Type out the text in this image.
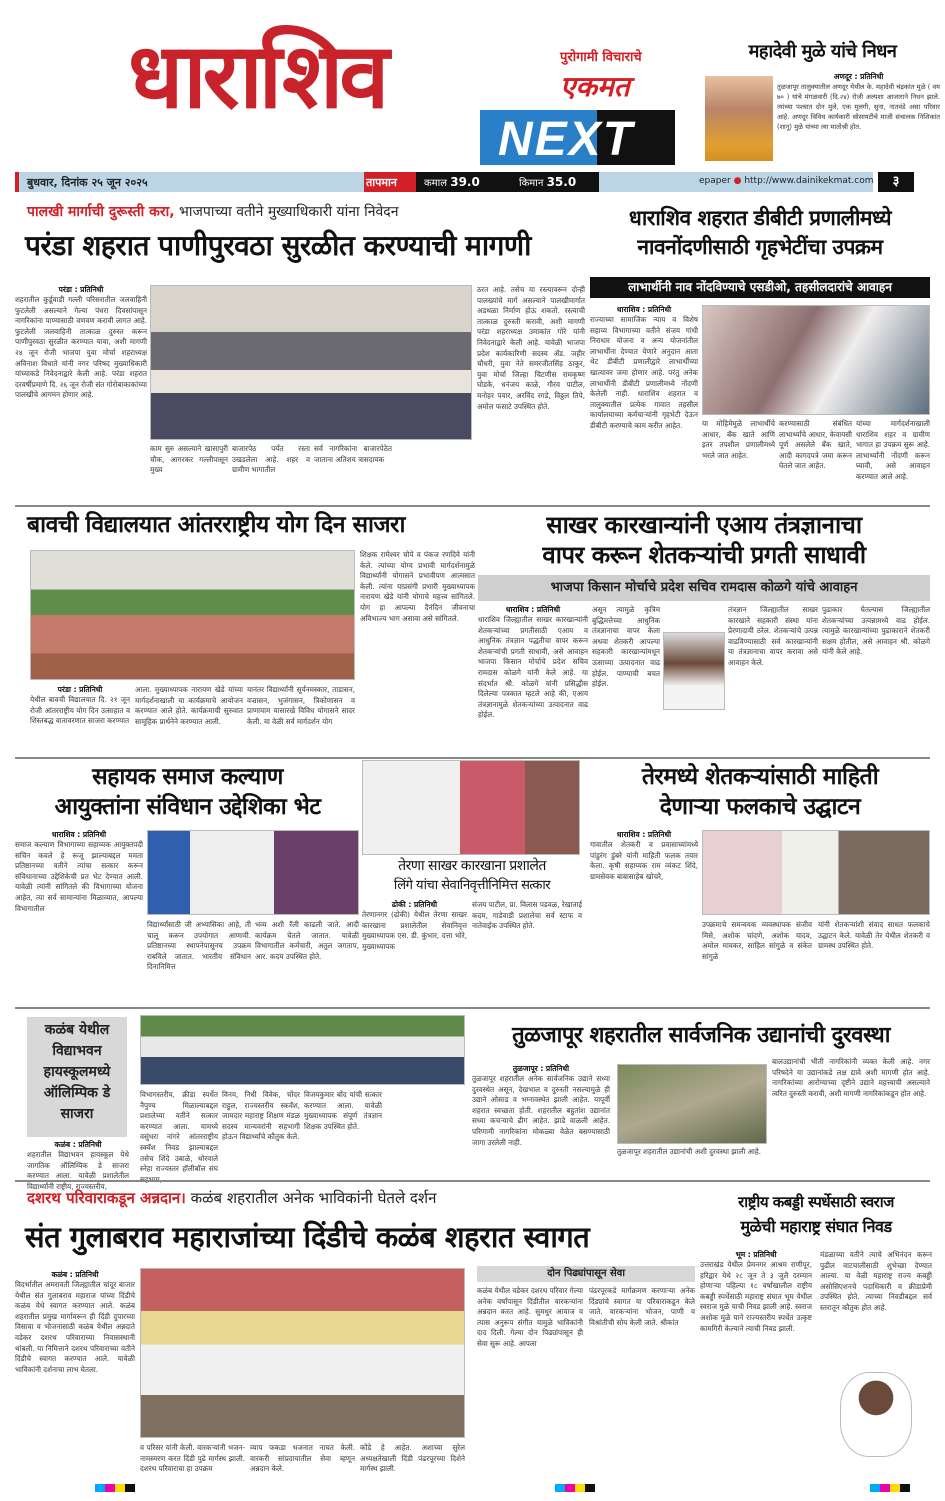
धाराशिव	पुरोगामी विचाराचे
एकमत
NEXT
महादेवी मुळे यांचे निधन
अणदूर : प्रतिनिधी
तुळजापूर तालुक्यातील अणदूर येथील के. महादेवी चंद्रकांत मुळे ( वय ७० ) यांचे मंगळवारी (दि.२४) रोजी अल्पशा आजाराने निधन झाले. त्यांच्या पश्चात दोन मुले, एक मुलगी, सुना, नातवंडे असा परिवार आहे. अणदूर विविध कार्यकारी सोसायटीचे माजी संचालक निशिकांत (शानू) मुळे यांच्या त्या मातोश्री होत.
बुधवार, दिनांक २५ जून २०२५	तापमान	कमाल 39.0	किमान 35.0	epaper ● http://www.dainikekmat.com	३
पालखी मार्गाची दुरूस्ती करा, भाजपाच्या वतीने मुख्याधिकारी यांना निवेदन
परंडा शहरात पाणीपुरवठा सुरळीत करण्याची मागणी
परंडा : प्रतिनिधी
शहरातील कुर्डूवाडी गल्ली परिसरातील जलवाहिनी फुटलेली असल्याने गेल्या पंधरा दिवसांपासून नागरिकांना पाण्यासाठी वणवण करावी लागत आहे. फुटलेली जलवाहिनी तात्काळ दुरुस्त करून पाणीपुरवठा सुरळीत करण्यात यावा, अशी मागणी २४ जून रोजी भाजपा युवा मोर्चा शहराध्यक्ष अविनाश विधाते यांनी नगर परिषद मुख्याधिकारी यांच्याकडे निवेदनाद्वारे केली आहे. परंडा शहरात दरवर्षीप्रमाणे दि. २६ जून रोजी संत गोरोबाकाकांच्या पालखीचे आगमन होणार आहे.
काम सुरु असल्याने खासापुरी चौक, आगरकर गल्लीपासून मुख्य
बाजारपेठ पर्यंत रस्ता उखडलेला आहे. शहर व ग्रामीण भागातील
सर्व नागरिकांना बाजारपेठेत जाताना अतिशय त्रासदायक
ठरत आहे. तसेच या रस्त्यावरून दोन्ही पालख्यांचे मार्ग असल्याने पालखीमार्गात अडथळा निर्माण होऊ शकतो. रस्त्याची तात्काळ दुरुस्ती करावी, अशी मागणी परंडा शहराध्यक्ष उमाकांत गोरे यांनी निवेदनाद्वारे केली आहे. यावेळी भाजपा प्रदेश कार्यकारिणी सदस्य ॲड. जहीर चौधरी, युवा नेते समरजीतसिंह ठाकूर, युवा मोर्चा जिल्हा चिटणीस रामकृष्ण घोडके, धनंजय काळे, गौरव पाटील, मनोहर पवार, अरविंद रगडे, विठ्ठल तिपे, अमोल फसाटे उपस्थित होते.
धाराशिव शहरात डीबीटी प्रणालीमध्ये
नावनोंदणीसाठी गृहभेटींचा उपक्रम
लाभार्थीनी नाव नोंदविण्याचे एसडीओ, तहसीलदारांचे आवाहन
धाराशिव : प्रतिनिधी
राज्याच्या सामाजिक न्याय व विशेष सहाय्य विभागाच्या वतीने संजय गांधी निराधार योजना व अन्य योजनांतील लाभार्थीना देण्यात येणारे अनुदान आता थेट डीबीटी प्रणालीद्वारे लाभार्थीच्या खात्यावर जमा होणार आहे. परंतु अनेक लाभार्थीनी डीबीटी प्रणालीमध्ये नोंदणी केलेली नाही. धाराशिव शहरात व तालुक्यातील प्रत्येक गावात तहसील कार्यालयाच्या कर्मचाऱ्यांनी गृहभेटी देऊन डीबीटी करण्याचे काम करीत आहेत.	या मोहिमेमुळे लाभार्थीचे आधार, बँक खाते आणि इतर तपशील प्रणालीमध्ये भरले जात आहेत.
करण्यासाठी संबंधित लाभार्थ्यांचे आधार, केवायसी पूर्ण असलेले बँक खाते, आदी कागदपत्रे जमा करून घेतले जात आहेत.
यांच्या मार्गदर्शनाखाली धाराशिव शहर व ग्रामीण भागात हा उपक्रम सुरू आहे. लाभार्थ्यांनी नोंदणी करून घ्यावी, असे आवाहन करण्यात आले आहे.
बावची विद्यालयात आंतरराष्ट्रीय योग दिन साजरा
शिक्षक रामेश्वर चोपे व पंकज रणदिवे यांनी केले. त्यांच्या योग्य प्रभावी मार्गदर्शनामुळे विद्यार्थ्यांनी योगासने प्रभावीपण आत्मसात केली. त्यांना याप्रसंगी प्रभारी मुख्याध्यापक नारायण खेडे यांनी योगाचे महत्त्व सांगितले. योग हा आपल्या दैनंदिन जीवनाचा अविभाज्य भाग असावा असे सांगितले.
परंडा : प्रतिनिधी
येथील बावची विद्यालयात दि. २१ जून रोजी आंतरराष्ट्रीय योग दिन उत्साहात व शिस्तबद्ध वातावरणात साजरा करण्यात
आला. मुख्याध्यापक नारायण खेडे यांच्या मार्गदर्शनाखाली या कार्यक्रमाचे आयोजन करण्यात आले होते. कार्यक्रमाची सुरुवात सामूहिक प्रार्थनेने करण्यात आली.
यानंतर विद्यार्थ्यांनी सूर्यनमस्कार, ताडासन, वज्रासन, भुजंगासन, त्रिकोणासन व प्राणायाम यासारखे विविध योगासने सादर केली. या वेळी सर्व मार्गदर्शन योग
साखर कारखान्यांनी एआय तंत्रज्ञानाचा
वापर करून शेतकऱ्यांची प्रगती साधावी
भाजपा किसान मोर्चाचे प्रदेश सचिव रामदास कोळगे यांचे आवाहन
धाराशिव : प्रतिनिधी
धाराशिव जिल्ह्यातील साखर कारखान्यांनी शेतकऱ्यांच्या प्रगतीसाठी एआय व आधुनिक तंत्रज्ञान पद्धतीचा वापर करून शेतकऱ्यांची प्रगती साधावी, असे आवाहन भाजपा किसान मोर्चाचे प्रदेश सचिव रामदास कोळगे यांनी केले आहे. या संदर्भात श्री. कोळगे यांनी प्रसिद्धीस दिलेल्या पत्रकात म्हटले आहे की, एआय तंत्रज्ञानामुळे शेतकऱ्यांच्या उत्पादनात वाढ होईल.
असून त्यामुळे कृत्रिम बुद्धिमत्तेच्या आधुनिक तंत्रज्ञानाचा वापर केला अथवा शेतकरी आपल्या सहकारी कारखान्यांमधून ऊसाच्या उत्पादनात वाढ होईल. पाण्याची बचत होईल.
तंत्रज्ञान जिल्ह्यातील साखर कारखाने सहकारी संस्था यांना प्रेरणादायी ठरेल. शेतकऱ्यांचे उत्पन्न वाढविण्यासाठी सर्व कारखान्यांनी या तंत्रज्ञानाचा वापर करावा असे आवाहन केले.
पुढाकार घेतल्यास जिल्ह्यातील शेतकऱ्यांच्या उत्पन्नामध्ये वाढ होईल. त्यामुळे कारखान्यांच्या पुढाकाराने शेतकरी सक्षम होतील, असे आवाहन श्री. कोळगे यांनी केले आहे.
सहायक समाज कल्याण
आयुक्तांना संविधान उद्देशिका भेट
धाराशिव : प्रतिनिधी
समाज कल्याण विभागाच्या सहाय्यक आयुक्तपदी सचिन कवले हे रूजू झाल्याबद्दल ममता प्रतिष्ठानच्या वतीने त्यांचा सत्कार करून संविधानाच्या उद्देशिकेची प्रत भेट देण्यात आली. यावेळी त्यांनी सांगितले की विभागाच्या योजना आहेत, त्या सर्व सामान्यांना मिळाव्यात, आपल्या विभागातील
विद्यार्थ्यांसाठी जी अभ्यासिका आहे, ती चालू करून उपयोगात आणावी. प्रतिष्ठानच्या स्थापनेपासूनच उपक्रम राबविले जातात. भारतीय संविधान दिनानिमित्त
भव्य अशी रॅली काढली जाते. आदी कार्यक्रम घेतले जातात. यावेळी विभागातील कर्मचारी, अतुल जगताप, आर. कदम उपस्थित होते.
तेरणा साखर कारखाना प्रशालेत
लिंगे यांचा सेवानिवृत्तीनिमित्त सत्कार
ढोकी : प्रतिनिधी
तेरणानगर (ढोकी) येथील तेरणा साखर कारखाना प्रशालेतील सेवानिवृत्त मुख्याध्यापक एस. डी. कुंभार, दत्ता भोरे, मुख्याध्यापक
संजय पाटील, प्रा. विलास पडवळ, रेखाताई कदम, गाडेवाडी प्रशालेचा सर्व स्टाफ व नातेवाईक उपस्थित होते.
तेरमध्ये शेतकऱ्यांसाठी माहिती
देणाऱ्या फलकाचे उद्घाटन
धाराशिव : प्रतिनिधी
गावातील शेतकरी व प्रवासाच्यांमध्ये पांडुरंग डुंबरे यांनी माहिती फलक तयार केला. कृषी सहाय्यक राम व्यंकट शिंदे, ग्रामसेवक बाबासाहेब खोचरे,
उपक्रमाचे समन्वयक व्यवस्थापक संजीव मिसे, अशोक चांदणे, अशोक यादव, अमोल मावकर, साहिल सांगुळे व संकेत सांगुळे
यांनी शेतकऱ्यांशी संवाद साधत फलकाचे उद्घाटन केले. यावेळी तेर येथील शेतकरी व ग्रामस्थ उपस्थित होते.
कळंब येथील विद्याभवन हायस्कूलमध्ये ऑलिम्पिक डे साजरा
कळंब : प्रतिनिधी
शहरातील विद्याभवन हायस्कूल येथे जागतिक ऑलिम्पिक डे साजरा करण्यात आला. यावेळी प्रशालेतील विद्यार्थ्यांनी राष्ट्रीय, राज्यस्तरीय,
विभागस्तरीय, क्रीडा स्पर्धेत नैपुण्य मिळाल्याबद्दल प्रशालेच्या वतीने सत्कार करण्यात आला. यामध्ये वसुंधरा नांगरे आंतरराष्ट्रीय स्क्वॅश निवड झाल्याबद्दल तसेच शिंदे उबाळे, थोरवाले स्नेहा राज्यस्तर हॉलीबॉल संघ
विनय, निधी विवेक, चोंदर राहुल, राज्यस्तरीय स्कवॅश, जामदार महाराष्ट्र शिक्षण मंडळ सदस्य मान्यवरांनी सहभागी होऊन विद्यार्थ्यांचे कौतुक केले.
विजयकुमार बोंद यांची सत्कार करण्यात आला. यावेळी मुख्याध्यापक संपूर्ण तंत्रज्ञान शिक्षक उपस्थित होते.
तुळजापूर शहरातील सार्वजनिक उद्यानांची दुरवस्था
तुळजापूर : प्रतिनिधी
तुळजापूर शहरातील अनेक सार्वजनिक उद्याने सध्या दुरवस्थेत असून, देखभाल व दुरुस्ती नसल्यामुळे ही उद्याने ओसाड व भग्नावस्थेत झाली आहेत. यापूर्वी शहरात स्वच्छता होती. शहरातील बहुतांश उद्यानांत सध्या कचऱ्याचे ढीग आहेत. झाडे वाळली आहेत. परिणामी नागरिकांना मोकळ्या वेळेत बसण्यासाठी जागा उरलेली नाही.
तुळजापूर शहरातील उद्यानांची अशी दुरवस्था झाली आहे.
बालउद्यानांची भीती नागरिकांनी व्यक्त केली आहे. नगर परिषदेने या उद्यानांकडे लक्ष द्यावे अशी मागणी होत आहे. नागरिकांच्या आरोग्याच्या दृष्टीने उद्याने महत्त्वाची असल्याने त्वरित दुरुस्ती करावी, अशी मागणी नागरिकांकडून होत आहे.
दशरथ परिवाराकडून अन्नदान। कळंब शहरातील अनेक भाविकांनी घेतले दर्शन
संत गुलाबराव महाराजांच्या दिंडीचे कळंब शहरात स्वागत
कळंब : प्रतिनिधी
विदर्भातील अमरावती जिल्ह्यातील चांदूर बाजार येथील संत गुलाबराव महाराज यांच्या दिंडीचे कळंब येथे स्वागत करण्यात आले. कळंब शहरातील प्रमुख मार्गावरून ही दिंडी दुपारच्या विसावा व भोजनासाठी कळंब येथील अन्नदाते वडेकर दशरथ परिवाराच्या निवासस्थानी थांबली. या निमित्ताने दशरथ परिवाराच्या वतीने दिंडीचे स्वागत करण्यात आले. यावेळी भाविकांनी दर्शनाचा लाभ घेतला.
व परिसर यांनी केली. वारकऱ्यांनी भजन-नामस्मरण करत दिंडी पुढे मार्गस्थ झाली. दशरथ परिवाराचा हा उपक्रम
व्याप फकडा भजनात नाचत केली. वारकरी सांप्रदायातील सेवा म्हणून अन्नदान केले.
कोंडे हे आहेत. अशाच्या सुरेल अध्यक्षतेखाली दिंडी पंढरपूरच्या दिशेने मार्गस्थ झाली.
दोन पिढ्यांपासून सेवा
कळंब येथील वडेकर दशरथ परिवार गेल्या अनेक वर्षांपासून दिंडीतील वारकऱ्यांना अन्नदान करत आहे. सुमधुर आवाज व त्यास अनुरूप संगीत यामुळे भाविकांनी दाद दिली. गेल्या दोन पिढ्यांपासून ही सेवा सुरू आहे. आपला
पंढरपूरकडे मार्गक्रमण करणाऱ्या अनेक दिंड्यांचे स्वागत या परिवाराकडून केले जाते. वारकऱ्यांना भोजन, पाणी व विश्रांतीची सोय केली जाते. श्रीकांत
राष्ट्रीय कबड्डी स्पर्धेसाठी स्वराज
मुळेची महाराष्ट्र संघात निवड
भूम : प्रतिनिधी
उत्तराखंड येथील प्रेमनगर आश्रम राणीपूर, हरिद्वार येथे २८ जून ते ३ जुलै दरम्यान होणाऱ्या पहिल्या १८ वर्षांखालील राष्ट्रीय कबड्डी स्पर्धेसाठी महाराष्ट्र संघात भूम येथील स्वराज मुळे याची निवड झाली आहे. स्वराज अशोक मुळे याने राज्यस्तरीय स्पर्धेत उत्कृष्ट कामगिरी केल्याने त्याची निवड झाली.
मंडळाच्या वतीने त्याचे अभिनंदन करून पुढील वाटचालीसाठी शुभेच्छा देण्यात आल्या. या वेळी महाराष्ट्र राज्य कबड्डी असोसिएशनचे पदाधिकारी व क्रीडाप्रेमी उपस्थित होते. त्याच्या निवडीबद्दल सर्व स्तरातून कौतुक होत आहे.
